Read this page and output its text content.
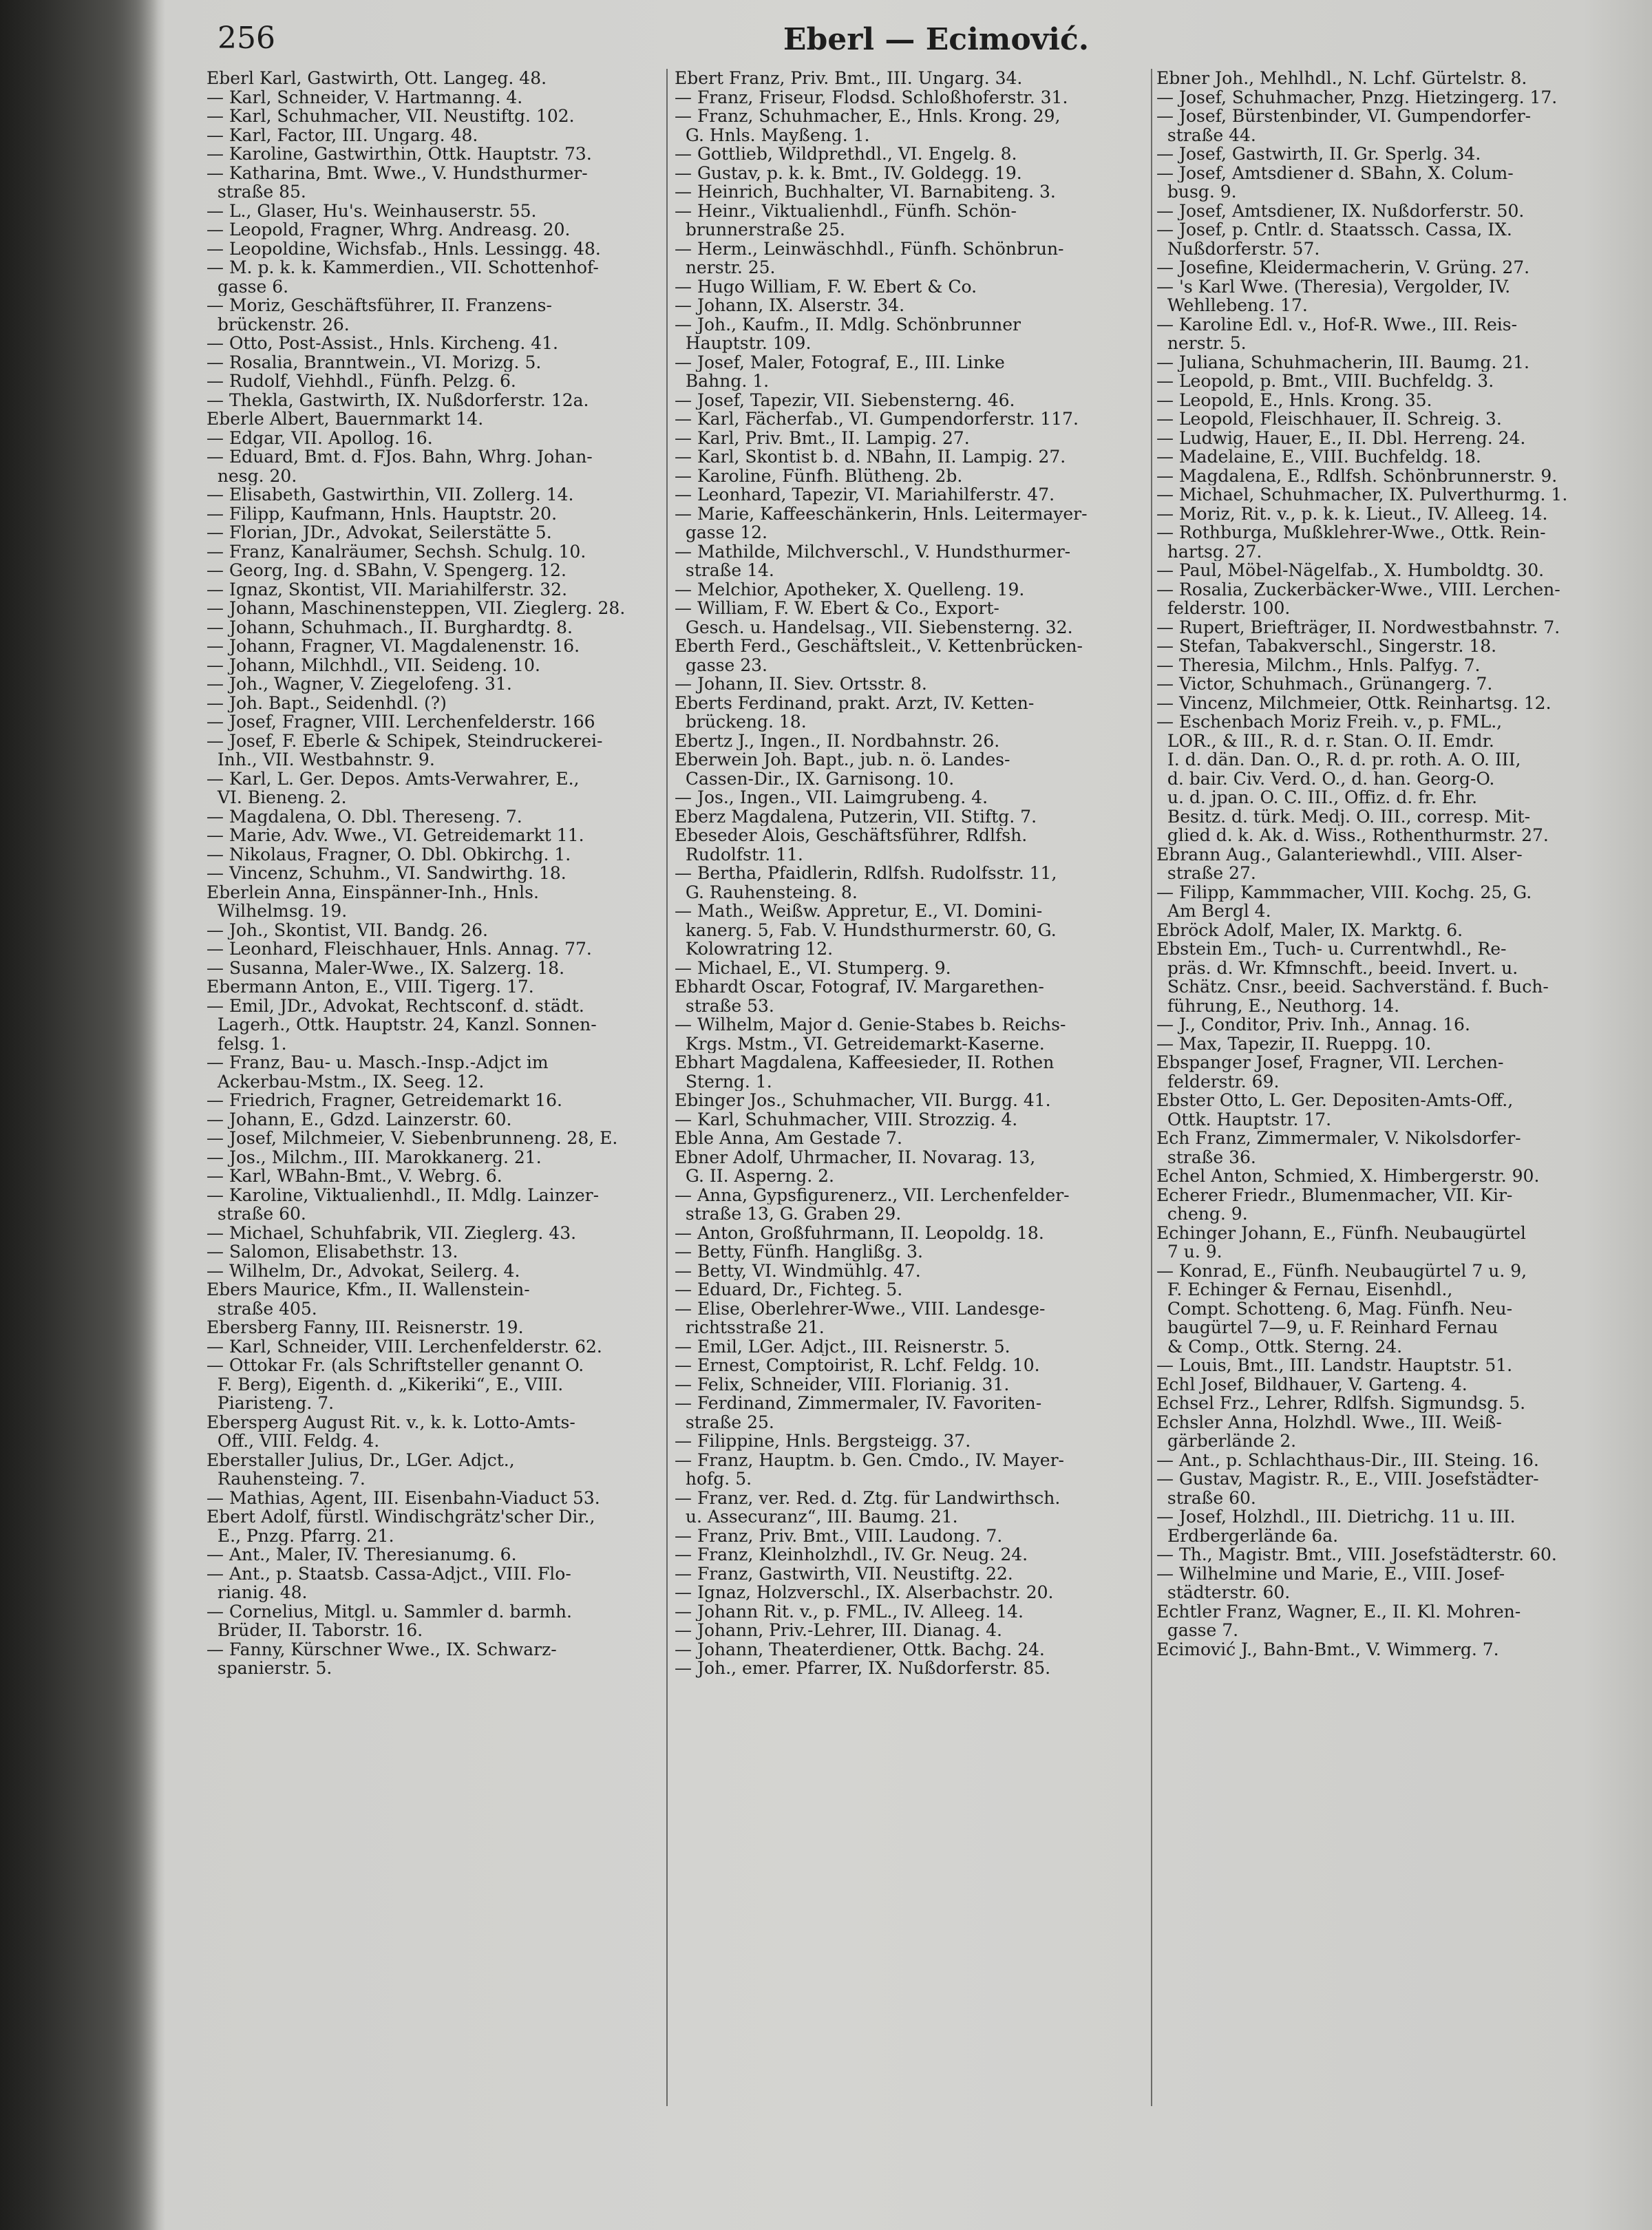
256	Eberl — Ecimović.
Eberl Karl, Gastwirth, Ott. Langeg. 48.
— Karl, Schneider, V. Hartmanng. 4.
— Karl, Schuhmacher, VII. Neustiftg. 102.
— Karl, Factor, III. Ungarg. 48.
— Karoline, Gastwirthin, Ottk. Hauptstr. 73.
— Katharina, Bmt. Wwe., V. Hundsthurmer-
straße 85.
— L., Glaser, Hu's. Weinhauserstr. 55.
— Leopold, Fragner, Whrg. Andreasg. 20.
— Leopoldine, Wichsfab., Hnls. Lessingg. 48.
— M. p. k. k. Kammerdien., VII. Schottenhof-
gasse 6.
— Moriz, Geschäftsführer, II. Franzens-
brückenstr. 26.
— Otto, Post-Assist., Hnls. Kircheng. 41.
— Rosalia, Branntwein., VI. Morizg. 5.
— Rudolf, Viehhdl., Fünfh. Pelzg. 6.
— Thekla, Gastwirth, IX. Nußdorferstr. 12a.
Eberle Albert, Bauernmarkt 14.
— Edgar, VII. Apollog. 16.
— Eduard, Bmt. d. FJos. Bahn, Whrg. Johan-
nesg. 20.
— Elisabeth, Gastwirthin, VII. Zollerg. 14.
— Filipp, Kaufmann, Hnls. Hauptstr. 20.
— Florian, JDr., Advokat, Seilerstätte 5.
— Franz, Kanalräumer, Sechsh. Schulg. 10.
— Georg, Ing. d. SBahn, V. Spengerg. 12.
— Ignaz, Skontist, VII. Mariahilferstr. 32.
— Johann, Maschinensteppen, VII. Zieglerg. 28.
— Johann, Schuhmach., II. Burghardtg. 8.
— Johann, Fragner, VI. Magdalenenstr. 16.
— Johann, Milchhdl., VII. Seideng. 10.
— Joh., Wagner, V. Ziegelofeng. 31.
— Joh. Bapt., Seidenhdl. (?)
— Josef, Fragner, VIII. Lerchenfelderstr. 166
— Josef, F. Eberle & Schipek, Steindruckerei-
Inh., VII. Westbahnstr. 9.
— Karl, L. Ger. Depos. Amts-Verwahrer, E.,
VI. Bieneng. 2.
— Magdalena, O. Dbl. Thereseng. 7.
— Marie, Adv. Wwe., VI. Getreidemarkt 11.
— Nikolaus, Fragner, O. Dbl. Obkirchg. 1.
— Vincenz, Schuhm., VI. Sandwirthg. 18.
Eberlein Anna, Einspänner-Inh., Hnls.
Wilhelmsg. 19.
— Joh., Skontist, VII. Bandg. 26.
— Leonhard, Fleischhauer, Hnls. Annag. 77.
— Susanna, Maler-Wwe., IX. Salzerg. 18.
Ebermann Anton, E., VIII. Tigerg. 17.
— Emil, JDr., Advokat, Rechtsconf. d. städt.
Lagerh., Ottk. Hauptstr. 24, Kanzl. Sonnen-
felsg. 1.
— Franz, Bau- u. Masch.-Insp.-Adjct im
Ackerbau-Mstm., IX. Seeg. 12.
— Friedrich, Fragner, Getreidemarkt 16.
— Johann, E., Gdzd. Lainzerstr. 60.
— Josef, Milchmeier, V. Siebenbrunneng. 28, E.
— Jos., Milchm., III. Marokkanerg. 21.
— Karl, WBahn-Bmt., V. Webrg. 6.
— Karoline, Viktualienhdl., II. Mdlg. Lainzer-
straße 60.
— Michael, Schuhfabrik, VII. Zieglerg. 43.
— Salomon, Elisabethstr. 13.
— Wilhelm, Dr., Advokat, Seilerg. 4.
Ebers Maurice, Kfm., II. Wallenstein-
straße 405.
Ebersberg Fanny, III. Reisnerstr. 19.
— Karl, Schneider, VIII. Lerchenfelderstr. 62.
— Ottokar Fr. (als Schriftsteller genannt O.
F. Berg), Eigenth. d. „Kikeriki“, E., VIII.
Piaristeng. 7.
Ebersperg August Rit. v., k. k. Lotto-Amts-
Off., VIII. Feldg. 4.
Eberstaller Julius, Dr., LGer. Adjct.,
Rauhensteing. 7.
— Mathias, Agent, III. Eisenbahn-Viaduct 53.
Ebert Adolf, fürstl. Windischgrätz'scher Dir.,
E., Pnzg. Pfarrg. 21.
— Ant., Maler, IV. Theresianumg. 6.
— Ant., p. Staatsb. Cassa-Adjct., VIII. Flo-
rianig. 48.
— Cornelius, Mitgl. u. Sammler d. barmh.
Brüder, II. Taborstr. 16.
— Fanny, Kürschner Wwe., IX. Schwarz-
spanierstr. 5.
Ebert Franz, Priv. Bmt., III. Ungarg. 34.
— Franz, Friseur, Flodsd. Schloßhoferstr. 31.
— Franz, Schuhmacher, E., Hnls. Krong. 29,
G. Hnls. Mayßeng. 1.
— Gottlieb, Wildprethdl., VI. Engelg. 8.
— Gustav, p. k. k. Bmt., IV. Goldegg. 19.
— Heinrich, Buchhalter, VI. Barnabiteng. 3.
— Heinr., Viktualienhdl., Fünfh. Schön-
brunnerstraße 25.
— Herm., Leinwäschhdl., Fünfh. Schönbrun-
nerstr. 25.
— Hugo William, F. W. Ebert & Co.
— Johann, IX. Alserstr. 34.
— Joh., Kaufm., II. Mdlg. Schönbrunner
Hauptstr. 109.
— Josef, Maler, Fotograf, E., III. Linke
Bahng. 1.
— Josef, Tapezir, VII. Siebensterng. 46.
— Karl, Fächerfab., VI. Gumpendorferstr. 117.
— Karl, Priv. Bmt., II. Lampig. 27.
— Karl, Skontist b. d. NBahn, II. Lampig. 27.
— Karoline, Fünfh. Blütheng. 2b.
— Leonhard, Tapezir, VI. Mariahilferstr. 47.
— Marie, Kaffeeschänkerin, Hnls. Leitermayer-
gasse 12.
— Mathilde, Milchverschl., V. Hundsthurmer-
straße 14.
— Melchior, Apotheker, X. Quelleng. 19.
— William, F. W. Ebert & Co., Export-
Gesch. u. Handelsag., VII. Siebensterng. 32.
Eberth Ferd., Geschäftsleit., V. Kettenbrücken-
gasse 23.
— Johann, II. Siev. Ortsstr. 8.
Eberts Ferdinand, prakt. Arzt, IV. Ketten-
brückeng. 18.
Ebertz J., Ingen., II. Nordbahnstr. 26.
Eberwein Joh. Bapt., jub. n. ö. Landes-
Cassen-Dir., IX. Garnisong. 10.
— Jos., Ingen., VII. Laimgrubeng. 4.
Eberz Magdalena, Putzerin, VII. Stiftg. 7.
Ebeseder Alois, Geschäftsführer, Rdlfsh.
Rudolfstr. 11.
— Bertha, Pfaidlerin, Rdlfsh. Rudolfsstr. 11,
G. Rauhensteing. 8.
— Math., Weißw. Appretur, E., VI. Domini-
kanerg. 5, Fab. V. Hundsthurmerstr. 60, G.
Kolowratring 12.
— Michael, E., VI. Stumperg. 9.
Ebhardt Oscar, Fotograf, IV. Margarethen-
straße 53.
— Wilhelm, Major d. Genie-Stabes b. Reichs-
Krgs. Mstm., VI. Getreidemarkt-Kaserne.
Ebhart Magdalena, Kaffeesieder, II. Rothen
Sterng. 1.
Ebinger Jos., Schuhmacher, VII. Burgg. 41.
— Karl, Schuhmacher, VIII. Strozzig. 4.
Eble Anna, Am Gestade 7.
Ebner Adolf, Uhrmacher, II. Novarag. 13,
G. II. Asperng. 2.
— Anna, Gypsfigurenerz., VII. Lerchenfelder-
straße 13, G. Graben 29.
— Anton, Großfuhrmann, II. Leopoldg. 18.
— Betty, Fünfh. Hanglißg. 3.
— Betty, VI. Windmühlg. 47.
— Eduard, Dr., Fichteg. 5.
— Elise, Oberlehrer-Wwe., VIII. Landesge-
richtsstraße 21.
— Emil, LGer. Adjct., III. Reisnerstr. 5.
— Ernest, Comptoirist, R. Lchf. Feldg. 10.
— Felix, Schneider, VIII. Florianig. 31.
— Ferdinand, Zimmermaler, IV. Favoriten-
straße 25.
— Filippine, Hnls. Bergsteigg. 37.
— Franz, Hauptm. b. Gen. Cmdo., IV. Mayer-
hofg. 5.
— Franz, ver. Red. d. Ztg. für Landwirthsch.
u. Assecuranz“, III. Baumg. 21.
— Franz, Priv. Bmt., VIII. Laudong. 7.
— Franz, Kleinholzhdl., IV. Gr. Neug. 24.
— Franz, Gastwirth, VII. Neustiftg. 22.
— Ignaz, Holzverschl., IX. Alserbachstr. 20.
— Johann Rit. v., p. FML., IV. Alleeg. 14.
— Johann, Priv.-Lehrer, III. Dianag. 4.
— Johann, Theaterdiener, Ottk. Bachg. 24.
— Joh., emer. Pfarrer, IX. Nußdorferstr. 85.
Ebner Joh., Mehlhdl., N. Lchf. Gürtelstr. 8.
— Josef, Schuhmacher, Pnzg. Hietzingerg. 17.
— Josef, Bürstenbinder, VI. Gumpendorfer-
straße 44.
— Josef, Gastwirth, II. Gr. Sperlg. 34.
— Josef, Amtsdiener d. SBahn, X. Colum-
busg. 9.
— Josef, Amtsdiener, IX. Nußdorferstr. 50.
— Josef, p. Cntlr. d. Staatssch. Cassa, IX.
Nußdorferstr. 57.
— Josefine, Kleidermacherin, V. Grüng. 27.
— 's Karl Wwe. (Theresia), Vergolder, IV.
Wehllebeng. 17.
— Karoline Edl. v., Hof-R. Wwe., III. Reis-
nerstr. 5.
— Juliana, Schuhmacherin, III. Baumg. 21.
— Leopold, p. Bmt., VIII. Buchfeldg. 3.
— Leopold, E., Hnls. Krong. 35.
— Leopold, Fleischhauer, II. Schreig. 3.
— Ludwig, Hauer, E., II. Dbl. Herreng. 24.
— Madelaine, E., VIII. Buchfeldg. 18.
— Magdalena, E., Rdlfsh. Schönbrunnerstr. 9.
— Michael, Schuhmacher, IX. Pulverthurmg. 1.
— Moriz, Rit. v., p. k. k. Lieut., IV. Alleeg. 14.
— Rothburga, Mußklehrer-Wwe., Ottk. Rein-
hartsg. 27.
— Paul, Möbel-Nägelfab., X. Humboldtg. 30.
— Rosalia, Zuckerbäcker-Wwe., VIII. Lerchen-
felderstr. 100.
— Rupert, Briefträger, II. Nordwestbahnstr. 7.
— Stefan, Tabakverschl., Singerstr. 18.
— Theresia, Milchm., Hnls. Palfyg. 7.
— Victor, Schuhmach., Grünangerg. 7.
— Vincenz, Milchmeier, Ottk. Reinhartsg. 12.
— Eschenbach Moriz Freih. v., p. FML.,
LOR., & III., R. d. r. Stan. O. II. Emdr.
I. d. dän. Dan. O., R. d. pr. roth. A. O. III,
d. bair. Civ. Verd. O., d. han. Georg-O.
u. d. jpan. O. C. III., Offiz. d. fr. Ehr.
Besitz. d. türk. Medj. O. III., corresp. Mit-
glied d. k. Ak. d. Wiss., Rothenthurmstr. 27.
Ebrann Aug., Galanteriewhdl., VIII. Alser-
straße 27.
— Filipp, Kammmacher, VIII. Kochg. 25, G.
Am Bergl 4.
Ebröck Adolf, Maler, IX. Marktg. 6.
Ebstein Em., Tuch- u. Currentwhdl., Re-
präs. d. Wr. Kfmnschft., beeid. Invert. u.
Schätz. Cnsr., beeid. Sachverständ. f. Buch-
führung, E., Neuthorg. 14.
— J., Conditor, Priv. Inh., Annag. 16.
— Max, Tapezir, II. Rueppg. 10.
Ebspanger Josef, Fragner, VII. Lerchen-
felderstr. 69.
Ebster Otto, L. Ger. Depositen-Amts-Off.,
Ottk. Hauptstr. 17.
Ech Franz, Zimmermaler, V. Nikolsdorfer-
straße 36.
Echel Anton, Schmied, X. Himbergerstr. 90.
Echerer Friedr., Blumenmacher, VII. Kir-
cheng. 9.
Echinger Johann, E., Fünfh. Neubaugürtel
7 u. 9.
— Konrad, E., Fünfh. Neubaugürtel 7 u. 9,
F. Echinger & Fernau, Eisenhdl.,
Compt. Schotteng. 6, Mag. Fünfh. Neu-
baugürtel 7—9, u. F. Reinhard Fernau
& Comp., Ottk. Sterng. 24.
— Louis, Bmt., III. Landstr. Hauptstr. 51.
Echl Josef, Bildhauer, V. Garteng. 4.
Echsel Frz., Lehrer, Rdlfsh. Sigmundsg. 5.
Echsler Anna, Holzhdl. Wwe., III. Weiß-
gärberlände 2.
— Ant., p. Schlachthaus-Dir., III. Steing. 16.
— Gustav, Magistr. R., E., VIII. Josefstädter-
straße 60.
— Josef, Holzhdl., III. Dietrichg. 11 u. III.
Erdbergerlände 6a.
— Th., Magistr. Bmt., VIII. Josefstädterstr. 60.
— Wilhelmine und Marie, E., VIII. Josef-
städterstr. 60.
Echtler Franz, Wagner, E., II. Kl. Mohren-
gasse 7.
Ecimović J., Bahn-Bmt., V. Wimmerg. 7.
